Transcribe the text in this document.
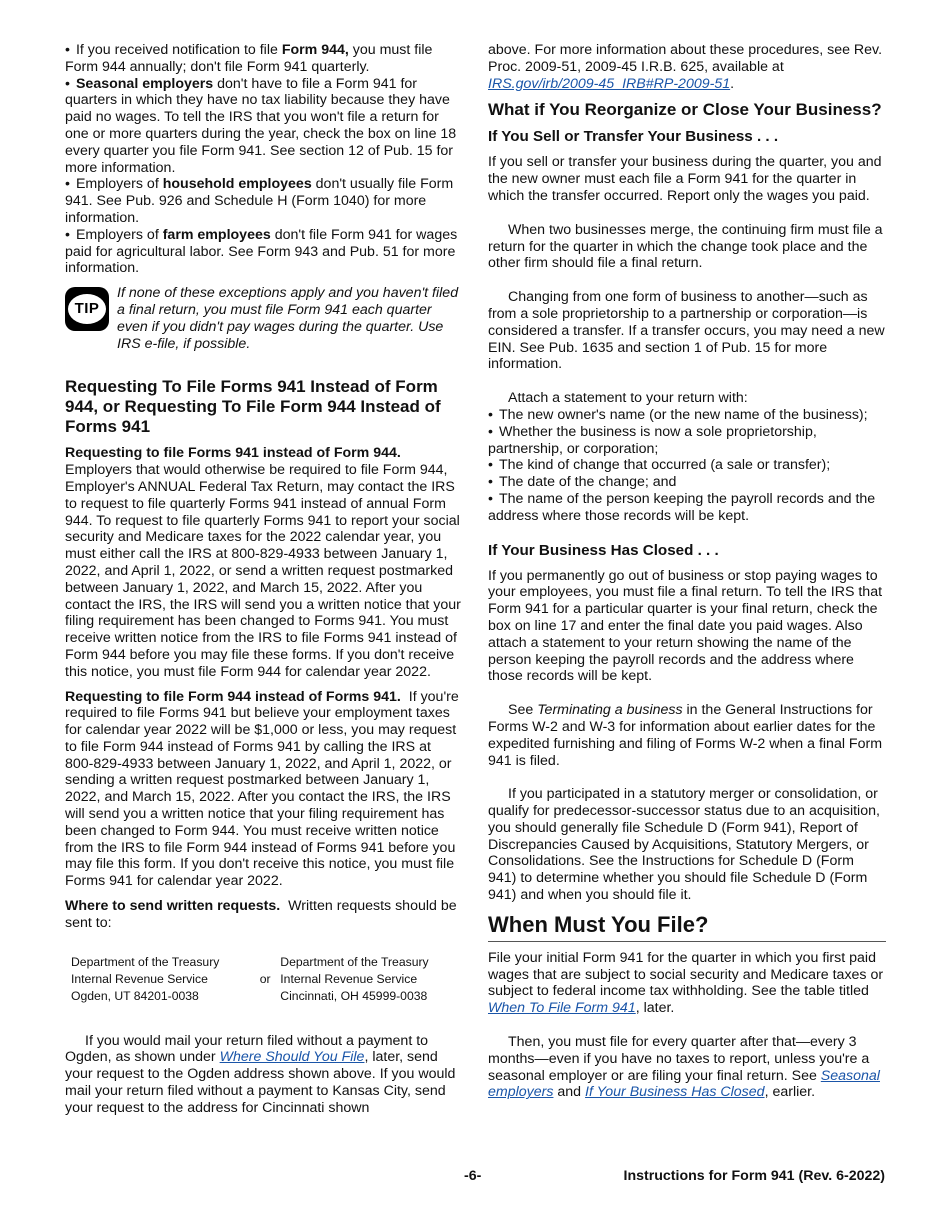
• If you received notification to file Form 944, you must file Form 944 annually; don't file Form 941 quarterly.

• Seasonal employers don't have to file a Form 941 for quarters in which they have no tax liability because they have paid no wages. To tell the IRS that you won't file a return for one or more quarters during the year, check the box on line 18 every quarter you file Form 941. See section 12 of Pub. 15 for more information.

• Employers of household employees don't usually file Form 941. See Pub. 926 and Schedule H (Form 1040) for more information.

• Employers of farm employees don't file Form 941 for wages paid for agricultural labor. See Form 943 and Pub. 51 for more information.

TIP

If none of these exceptions apply and you haven't filed a final return, you must file Form 941 each quarter even if you didn't pay wages during the quarter. Use IRS e-file, if possible.

Requesting To File Forms 941 Instead of Form 944, or Requesting To File Form 944 Instead of Forms 941

Requesting to file Forms 941 instead of Form 944. Employers that would otherwise be required to file Form 944, Employer's ANNUAL Federal Tax Return, may contact the IRS to request to file quarterly Forms 941 instead of annual Form 944. To request to file quarterly Forms 941 to report your social security and Medicare taxes for the 2022 calendar year, you must either call the IRS at 800-829-4933 between January 1, 2022, and April 1, 2022, or send a written request postmarked between January 1, 2022, and March 15, 2022. After you contact the IRS, the IRS will send you a written notice that your filing requirement has been changed to Forms 941. You must receive written notice from the IRS to file Forms 941 instead of Form 944 before you may file these forms. If you don't receive this notice, you must file Form 944 for calendar year 2022.

Requesting to file Form 944 instead of Forms 941. If you're required to file Forms 941 but believe your employment taxes for calendar year 2022 will be $1,000 or less, you may request to file Form 944 instead of Forms 941 by calling the IRS at 800-829-4933 between January 1, 2022, and April 1, 2022, or sending a written request postmarked between January 1, 2022, and March 15, 2022. After you contact the IRS, the IRS will send you a written notice that your filing requirement has been changed to Form 944. You must receive written notice from the IRS to file Form 944 instead of Forms 941 before you may file this form. If you don't receive this notice, you must file Forms 941 for calendar year 2022.

Where to send written requests. Written requests should be sent to:

Department of the Treasury		Department of the Treasury
Internal Revenue Service	or	Internal Revenue Service
Ogden, UT 84201-0038		Cincinnati, OH 45999-0038

If you would mail your return filed without a payment to Ogden, as shown under Where Should You File, later, send your request to the Ogden address shown above. If you would mail your return filed without a payment to Kansas City, send your request to the address for Cincinnati shown

above. For more information about these procedures, see Rev. Proc. 2009-51, 2009-45 I.R.B. 625, available at IRS.gov/irb/2009-45_IRB#RP-2009-51.

What if You Reorganize or Close Your Business?
If You Sell or Transfer Your Business . . .

If you sell or transfer your business during the quarter, you and the new owner must each file a Form 941 for the quarter in which the transfer occurred. Report only the wages you paid.

When two businesses merge, the continuing firm must file a return for the quarter in which the change took place and the other firm should file a final return.

Changing from one form of business to another—such as from a sole proprietorship to a partnership or corporation—is considered a transfer. If a transfer occurs, you may need a new EIN. See Pub. 1635 and section 1 of Pub. 15 for more information.

Attach a statement to your return with:

• The new owner's name (or the new name of the business);

• Whether the business is now a sole proprietorship, partnership, or corporation;

• The kind of change that occurred (a sale or transfer);

• The date of the change; and

• The name of the person keeping the payroll records and the address where those records will be kept.

If Your Business Has Closed . . .

If you permanently go out of business or stop paying wages to your employees, you must file a final return. To tell the IRS that Form 941 for a particular quarter is your final return, check the box on line 17 and enter the final date you paid wages. Also attach a statement to your return showing the name of the person keeping the payroll records and the address where those records will be kept.

See Terminating a business in the General Instructions for Forms W-2 and W-3 for information about earlier dates for the expedited furnishing and filing of Forms W-2 when a final Form 941 is filed.

If you participated in a statutory merger or consolidation, or qualify for predecessor-successor status due to an acquisition, you should generally file Schedule D (Form 941), Report of Discrepancies Caused by Acquisitions, Statutory Mergers, or Consolidations. See the Instructions for Schedule D (Form 941) to determine whether you should file Schedule D (Form 941) and when you should file it.

When Must You File?

File your initial Form 941 for the quarter in which you first paid wages that are subject to social security and Medicare taxes or subject to federal income tax withholding. See the table titled When To File Form 941, later.

Then, you must file for every quarter after that—every 3 months—even if you have no taxes to report, unless you're a seasonal employer or are filing your final return. See Seasonal employers and If Your Business Has Closed, earlier.

-6-	Instructions for Form 941 (Rev. 6-2022)
